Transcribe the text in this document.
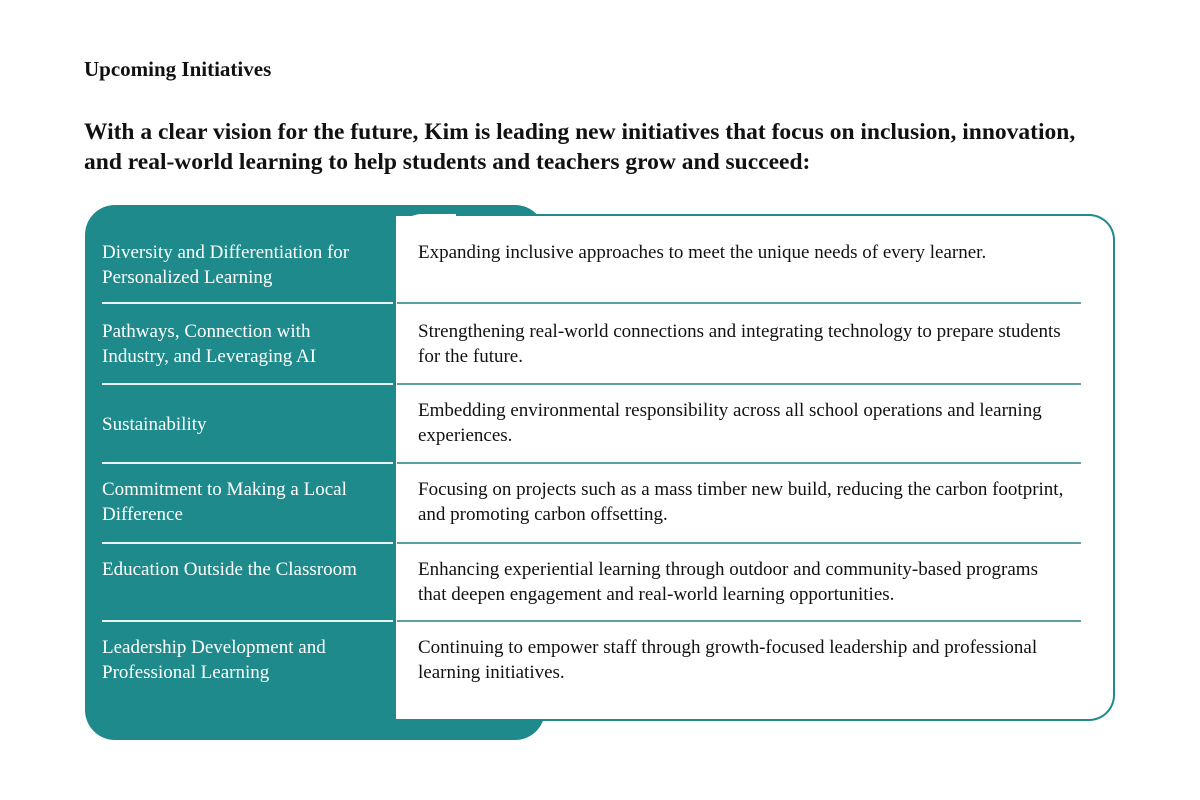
Upcoming Initiatives

With a clear vision for the future, Kim is leading new initiatives that focus on inclusion, innovation, and real-world learning to help students and teachers grow and succeed:

Diversity and Differentiation for Personalized Learning
Expanding inclusive approaches to meet the unique needs of every learner.
Pathways, Connection with Industry, and Leveraging AI
Strengthening real-world connections and integrating technology to prepare students for the future.
Sustainability
Embedding environmental responsibility across all school operations and learning experiences.
Commitment to Making a Local Difference
Focusing on projects such as a mass timber new build, reducing the carbon footprint, and promoting carbon offsetting.
Education Outside the Classroom	Enhancing experiential learning through outdoor and community-based programs that deepen engagement and real-world learning opportunities.
Leadership Development and Professional Learning
Continuing to empower staff through growth-focused leadership and professional learning initiatives.
